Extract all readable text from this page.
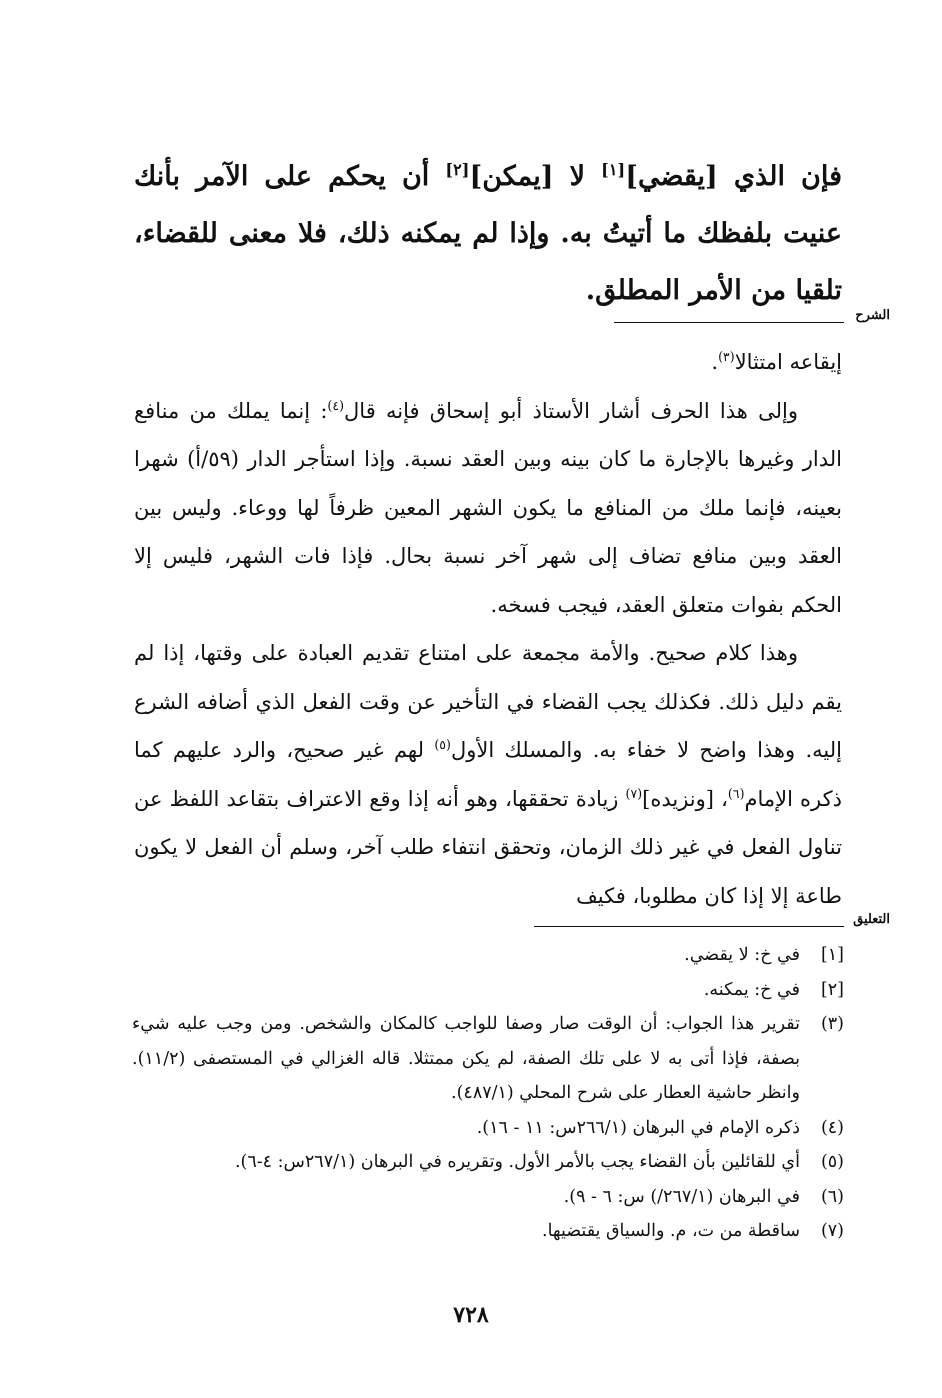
فإن الذي [يقضي][١] لا [يمكن][٢] أن يحكم على الآمر بأنك عنيت بلفظك ما أتيتُ به. وإذا لم يمكنه ذلك، فلا معنى للقضاء، تلقيا من الأمر المطلق.

الشرح

إيقاعه امتثالا$^{(٣)}$.

وإلى هذا الحرف أشار الأستاذ أبو إسحاق فإنه قال$^{(٤)}$: إنما يملك من منافع الدار وغيرها بالإجارة ما كان بينه وبين العقد نسبة. وإذا استأجر الدار (٥٩/أ) شهرا بعينه، فإنما ملك من المنافع ما يكون الشهر المعين ظرفاً لها ووعاء. وليس بين العقد وبين منافع تضاف إلى شهر آخر نسبة بحال. فإذا فات الشهر، فليس إلا الحكم بفوات متعلق العقد، فيجب فسخه.

وهذا كلام صحيح. والأمة مجمعة على امتناع تقديم العبادة على وقتها، إذا لم يقم دليل ذلك. فكذلك يجب القضاء في التأخير عن وقت الفعل الذي أضافه الشرع إليه. وهذا واضح لا خفاء به. والمسلك الأول$^{(٥)}$ لهم غير صحيح، والرد عليهم كما ذكره الإمام$^{(٦)}$، [ونزيده]$^{(٧)}$ زيادة تحققها، وهو أنه إذا وقع الاعتراف بتقاعد اللفظ عن تناول الفعل في غير ذلك الزمان، وتحقق انتفاء طلب آخر، وسلم أن الفعل لا يكون طاعة إلا إذا كان مطلوبا، فكيف

التعليق
[١]
في خ: لا يقضي.
[٢]
في خ: يمكنه.
(٣)
تقرير هذا الجواب: أن الوقت صار وصفا للواجب كالمكان والشخص. ومن وجب عليه شيء بصفة، فإذا أتى به لا على تلك الصفة، لم يكن ممتثلا. قاله الغزالي في المستصفى (١١/٢). وانظر حاشية العطار على شرح المحلي (٤٨٧/١).
(٤)
ذكره الإمام في البرهان (٢٦٦/١س: ١١ - ١٦).
(٥)
أي للقائلين بأن القضاء يجب بالأمر الأول. وتقريره في البرهان (٢٦٧/١س: ٤-٦).
(٦)
في البرهان (٢٦٧/١/) س: ٦ - ٩).
(٧)
ساقطة من ت، م. والسياق يقتضيها.
٧٢٨
